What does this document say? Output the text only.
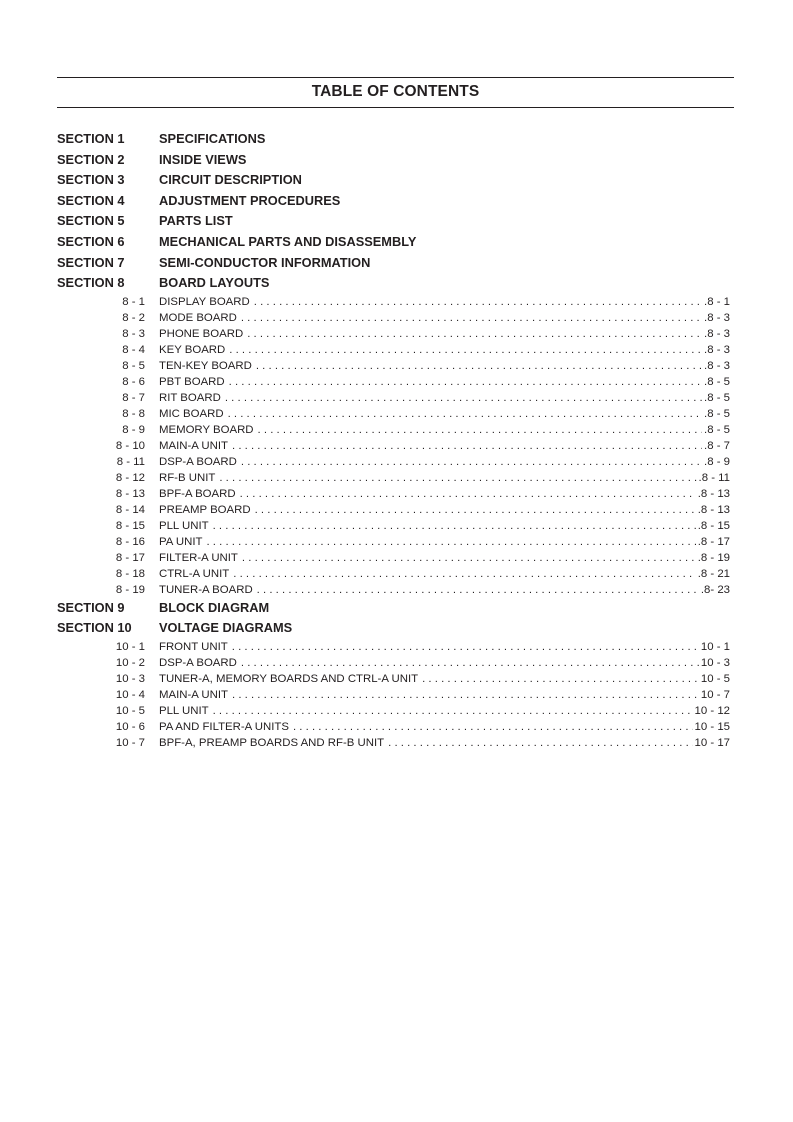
TABLE OF CONTENTS
SECTION 1	SPECIFICATIONS
SECTION 2	INSIDE VIEWS
SECTION 3	CIRCUIT DESCRIPTION
SECTION 4	ADJUSTMENT PROCEDURES
SECTION 5	PARTS LIST
SECTION 6	MECHANICAL PARTS AND DISASSEMBLY
SECTION 7	SEMI-CONDUCTOR INFORMATION
SECTION 8	BOARD LAYOUTS
8 - 1 DISPLAY BOARD . . .	.8 - 1
8 - 2 MODE BOARD . . .	.8 - 3
8 - 3 PHONE BOARD . . .	.8 - 3
8 - 4 KEY BOARD . . .	.8 - 3
8 - 5 TEN-KEY BOARD . . .	.8 - 3
8 - 6 PBT BOARD . . .	.8 - 5
8 - 7 RIT BOARD . . .	.8 - 5
8 - 8 MIC BOARD . . .	.8 - 5
8 - 9 MEMORY BOARD . . .	.8 - 5
8 - 10 MAIN-A UNIT . . .	.8 - 7
8 - 11 DSP-A BOARD . . .	.8 - 9
8 - 12 RF-B UNIT . . .	.8 - 11
8 - 13 BPF-A BOARD . . .	.8 - 13
8 - 14 PREAMP BOARD . . .	.8 - 13
8 - 15 PLL UNIT . . .	.8 - 15
8 - 16 PA UNIT . . .	.8 - 17
8 - 17 FILTER-A UNIT . . .	.8 - 19
8 - 18 CTRL-A UNIT . . .	.8 - 21
8 - 19 TUNER-A BOARD . . .	.8- 23
SECTION 9	BLOCK DIAGRAM
SECTION 10 VOLTAGE DIAGRAMS
10 - 1 FRONT UNIT . . .	10 - 1
10 - 2 DSP-A BOARD . . .	10 - 3
10 - 3 TUNER-A, MEMORY BOARDS AND CTRL-A UNIT . . .	10 - 5
10 - 4 MAIN-A UNIT . . .	10 - 7
10 - 5 PLL UNIT . . .	10 - 12
10 - 6 PA AND FILTER-A UNITS . . .	10 - 15
10 - 7 BPF-A, PREAMP BOARDS AND RF-B UNIT . . .	10 - 17
